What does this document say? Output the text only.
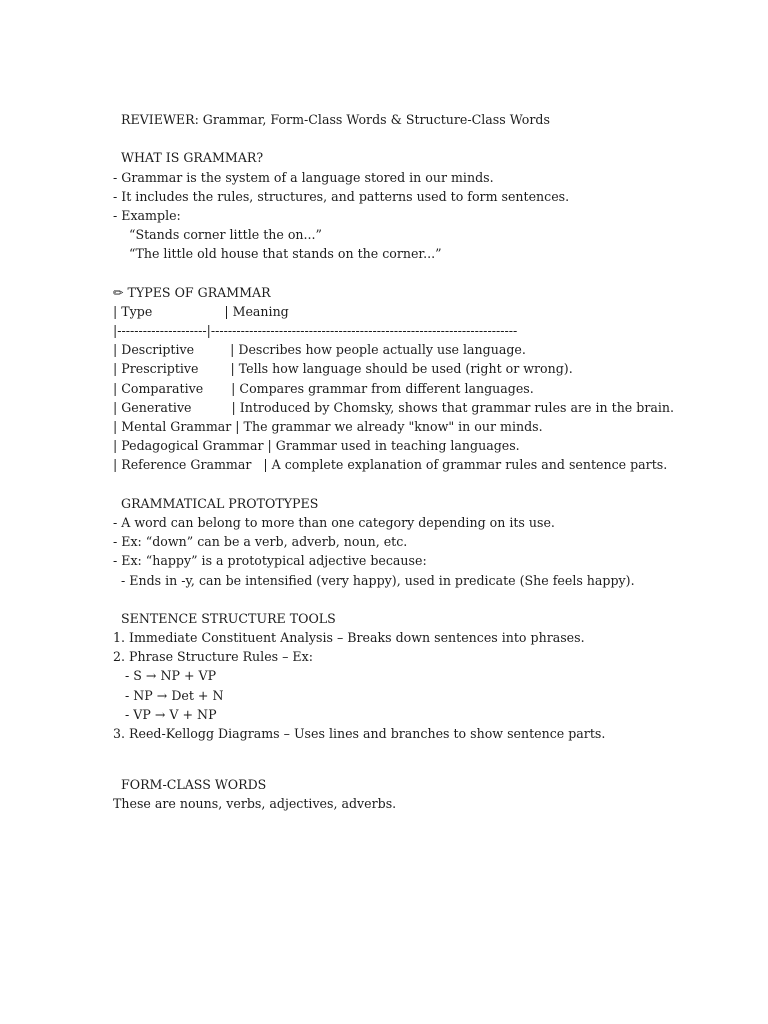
REVIEWER: Grammar, Form-Class Words & Structure-Class Words
WHAT IS GRAMMAR?
- Grammar is the system of a language stored in our minds.
- It includes the rules, structures, and patterns used to form sentences.
- Example:
“Stands corner little the on...”
“The little old house that stands on the corner...”
✏ TYPES OF GRAMMAR
| Type                  | Meaning
|---------------------|------------------------------------------------------------------------
| Descriptive         | Describes how people actually use language.
| Prescriptive        | Tells how language should be used (right or wrong).
| Comparative       | Compares grammar from different languages.
| Generative          | Introduced by Chomsky, shows that grammar rules are in the brain.
| Mental Grammar | The grammar we already "know" in our minds.
| Pedagogical Grammar | Grammar used in teaching languages.
| Reference Grammar   | A complete explanation of grammar rules and sentence parts.
GRAMMATICAL PROTOTYPES
- A word can belong to more than one category depending on its use.
- Ex: “down” can be a verb, adverb, noun, etc.
- Ex: “happy” is a prototypical adjective because:
- Ends in -y, can be intensified (very happy), used in predicate (She feels happy).
SENTENCE STRUCTURE TOOLS
1. Immediate Constituent Analysis – Breaks down sentences into phrases.
2. Phrase Structure Rules – Ex:
- S → NP + VP
- NP → Det + N
- VP → V + NP
3. Reed-Kellogg Diagrams – Uses lines and branches to show sentence parts.
FORM-CLASS WORDS
These are nouns, verbs, adjectives, adverbs.
